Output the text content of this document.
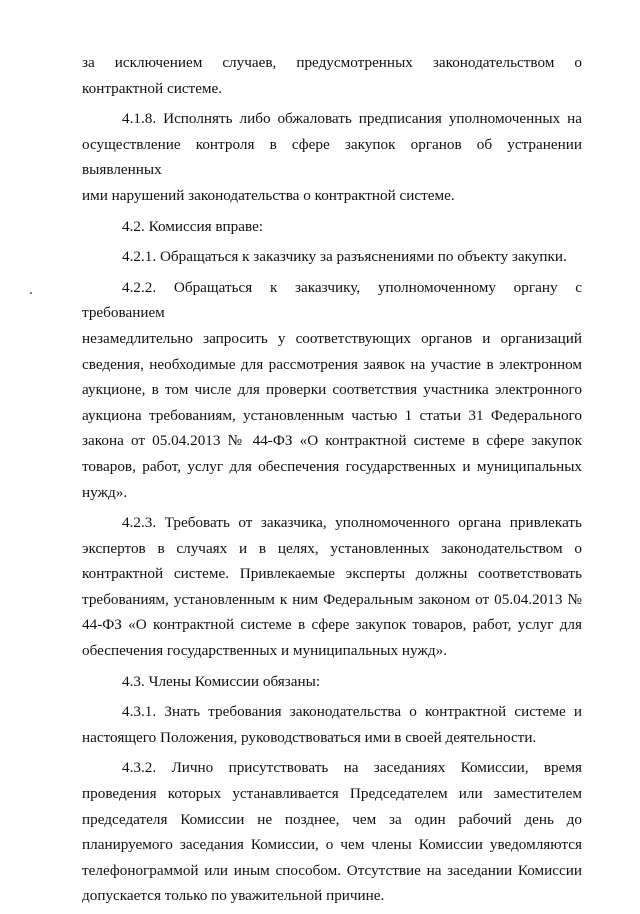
за исключением случаев, предусмотренных законодательством о
контрактной системе.
4.1.8. Исполнять либо обжаловать предписания уполномоченных на
осуществление контроля в сфере закупок органов об устранении выявленных
ими нарушений законодательства о контрактной системе.
4.2. Комиссия вправе:
4.2.1. Обращаться к заказчику за разъяснениями по объекту закупки.
4.2.2. Обращаться к заказчику, уполномоченному органу с требованием
незамедлительно запросить у соответствующих органов и организаций
сведения, необходимые для рассмотрения заявок на участие в электронном
аукционе, в том числе для проверки соответствия участника электронного
аукциона требованиям, установленным частью 1 статьи 31 Федерального
закона от 05.04.2013 № 44-ФЗ «О контрактной системе в сфере закупок
товаров, работ, услуг для обеспечения государственных и муниципальных
нужд».
4.2.3. Требовать от заказчика, уполномоченного органа привлекать
экспертов в случаях и в целях, установленных законодательством о
контрактной системе. Привлекаемые эксперты должны соответствовать
требованиям, установленным к ним Федеральным законом от 05.04.2013 №
44-ФЗ «О контрактной системе в сфере закупок товаров, работ, услуг для
обеспечения государственных и муниципальных нужд».
4.3. Члены Комиссии обязаны:
4.3.1. Знать требования законодательства о контрактной системе и
настоящего Положения, руководствоваться ими в своей деятельности.
4.3.2. Лично присутствовать на заседаниях Комиссии, время
проведения которых устанавливается Председателем или заместителем
председателя Комиссии не позднее, чем за один рабочий день до
планируемого заседания Комиссии, о чем члены Комиссии уведомляются
телефонограммой или иным способом. Отсутствие на заседании Комиссии
допускается только по уважительной причине.
